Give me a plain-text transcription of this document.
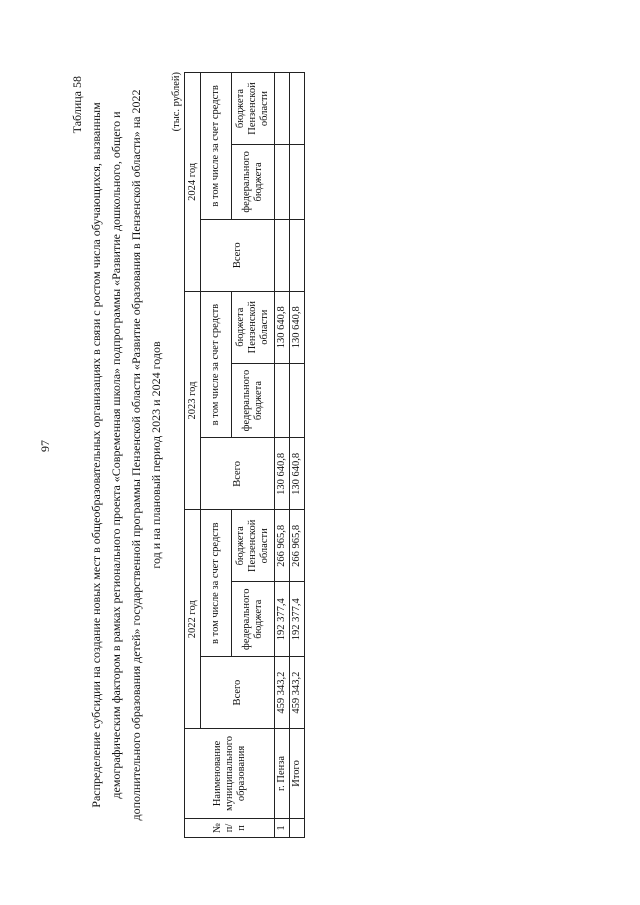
97
Таблица 58 Распределение субсидии на создание новых мест в общеобразовательных организациях в связи с ростом числа обучающихся, вызванным демографическим фактором в рамках регионального проекта «Современная школа» подпрограммы «Развитие дошкольного, общего и дополнительного образования детей» государственной программы Пензенской области «Развитие образования в Пензенской области» на 2022 год и на плановый период 2023 и 2024 годов
(тыс. рублей)
№ п/п	Наименование муниципального образования	2022 год			2023 год			2024 год		
		Всего	в том числе за счет средств		Всего	в том числе за счет средств		Всего	в том числе за счет средств	
			федерального бюджета	бюджета Пензенской области		федерального бюджета	бюджета Пензенской области		федерального бюджета	бюджета Пензенской области
1	г. Пенза	459 343,2	192 377,4	266 965,8	130 640,8		130 640,8			
	Итого	459 343,2	192 377,4	266 965,8	130 640,8		130 640,8			
